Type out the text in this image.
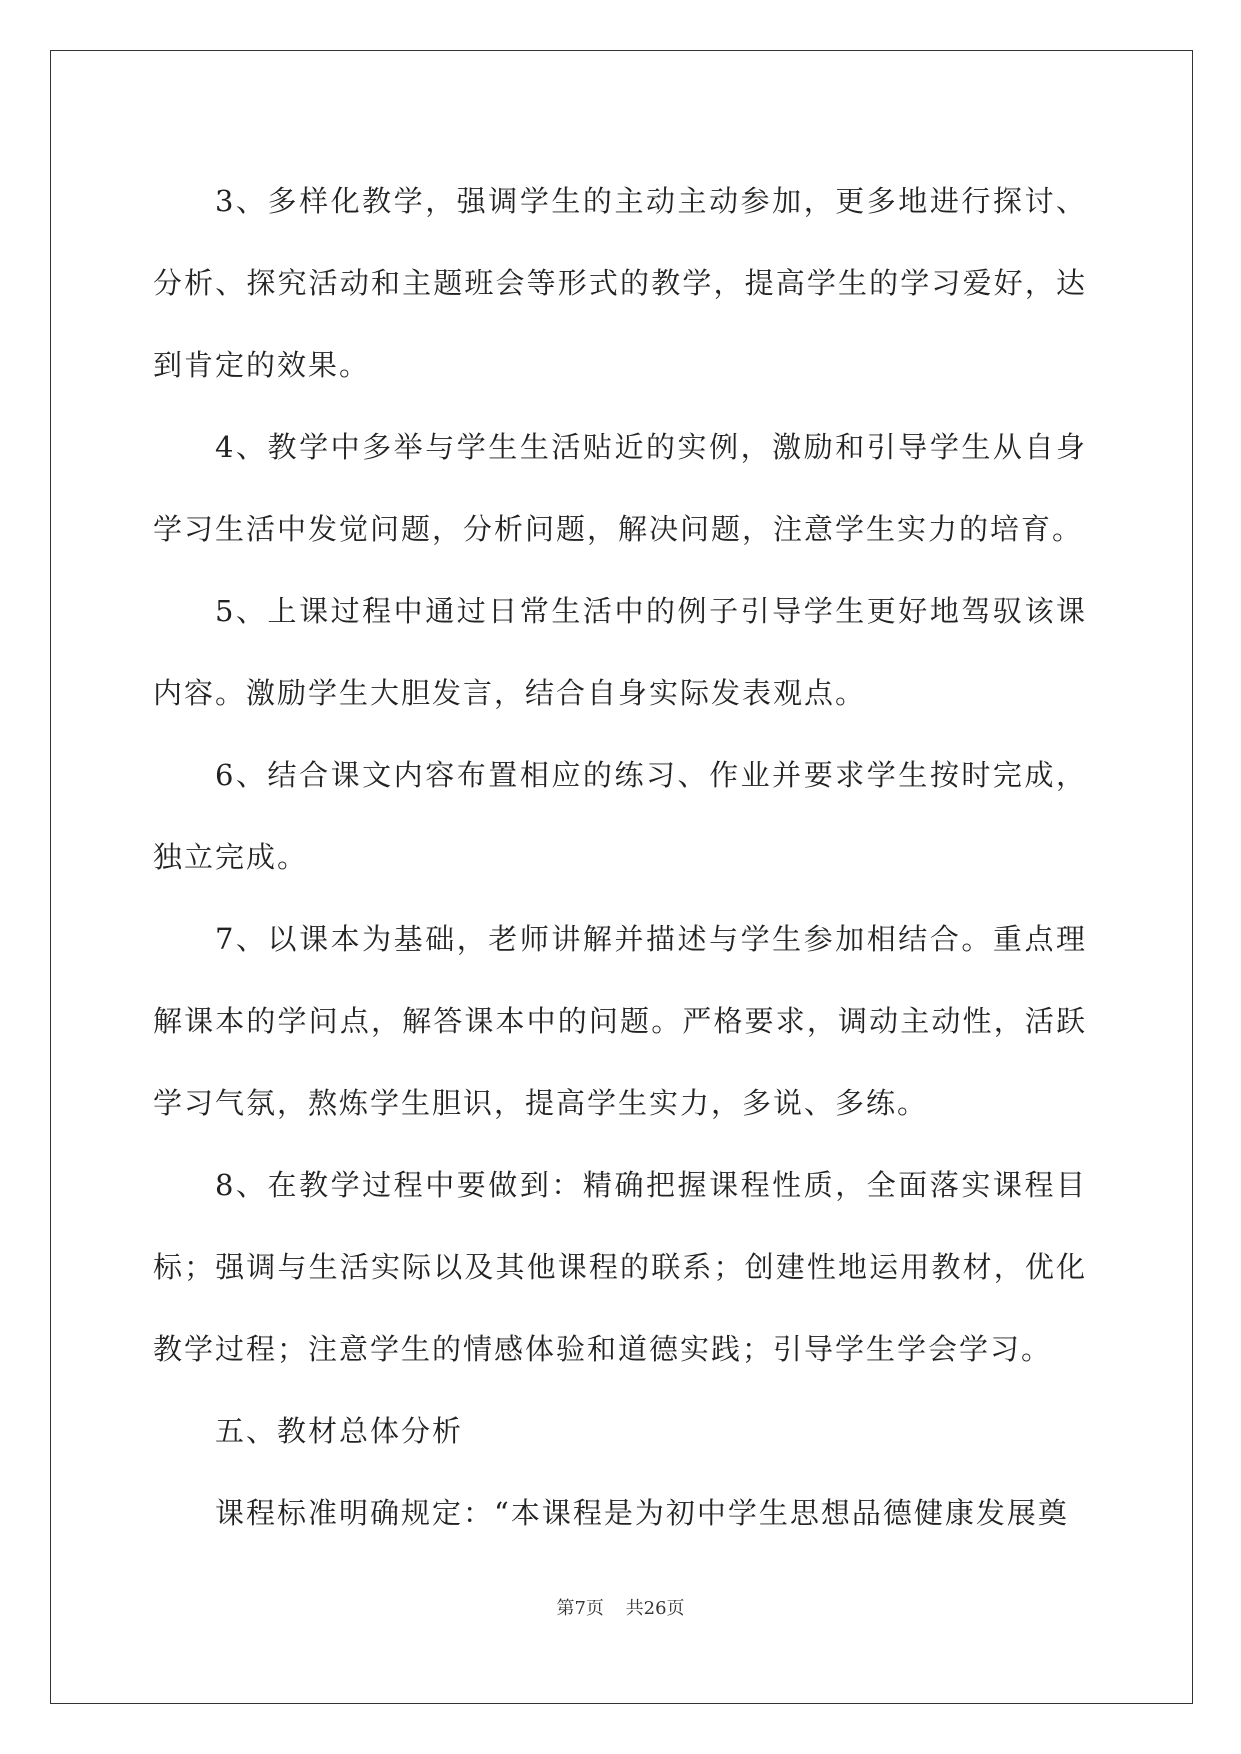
3、多样化教学，强调学生的主动主动参加，更多地进行探讨、分析、探究活动和主题班会等形式的教学，提高学生的学习爱好，达到肯定的效果。

4、教学中多举与学生生活贴近的实例，激励和引导学生从自身学习生活中发觉问题，分析问题，解决问题，注意学生实力的培育。

5、上课过程中通过日常生活中的例子引导学生更好地驾驭该课内容。激励学生大胆发言，结合自身实际发表观点。

6、结合课文内容布置相应的练习、作业并要求学生按时完成，独立完成。

7、以课本为基础，老师讲解并描述与学生参加相结合。重点理解课本的学问点，解答课本中的问题。严格要求，调动主动性，活跃学习气氛，熬炼学生胆识，提高学生实力，多说、多练。

8、在教学过程中要做到：精确把握课程性质，全面落实课程目标；强调与生活实际以及其他课程的联系；创建性地运用教材，优化教学过程；注意学生的情感体验和道德实践；引导学生学会学习。

五、教材总体分析

课程标准明确规定：“本课程是为初中学生思想品德健康发展奠

第7页 共26页
